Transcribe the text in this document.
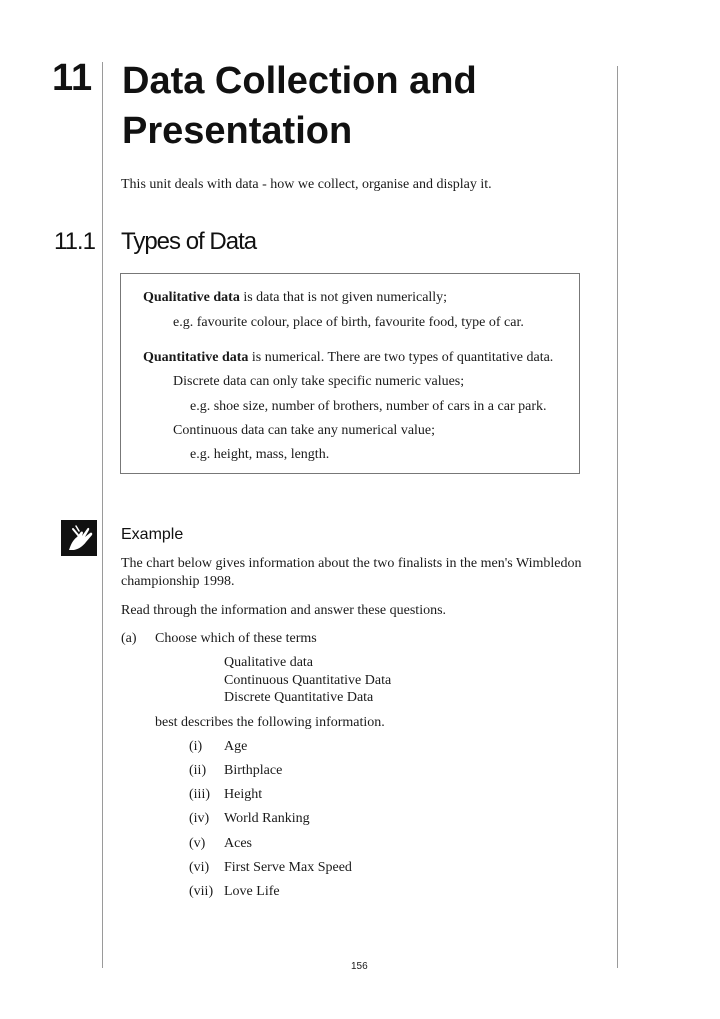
11 Data Collection and
Presentation
This unit deals with data - how we collect, organise and display it.
11.1 Types of Data
Qualitative data is data that is not given numerically;
e.g. favourite colour, place of birth, favourite food, type of car.
Quantitative data is numerical. There are two types of quantitative data.
Discrete data can only take specific numeric values;
e.g. shoe size, number of brothers, number of cars in a car park.
Continuous data can take any numerical value;
e.g. height, mass, length.
Example
The chart below gives information about the two finalists in the men's Wimbledon
championship 1998.
Read through the information and answer these questions.
(a) Choose which of these terms
Qualitative data
Continuous Quantitative Data
Discrete Quantitative Data
best describes the following information.
(i) Age
(ii) Birthplace
(iii) Height
(iv) World Ranking
(v) Aces
(vi) First Serve Max Speed
(vii) Love Life
156
